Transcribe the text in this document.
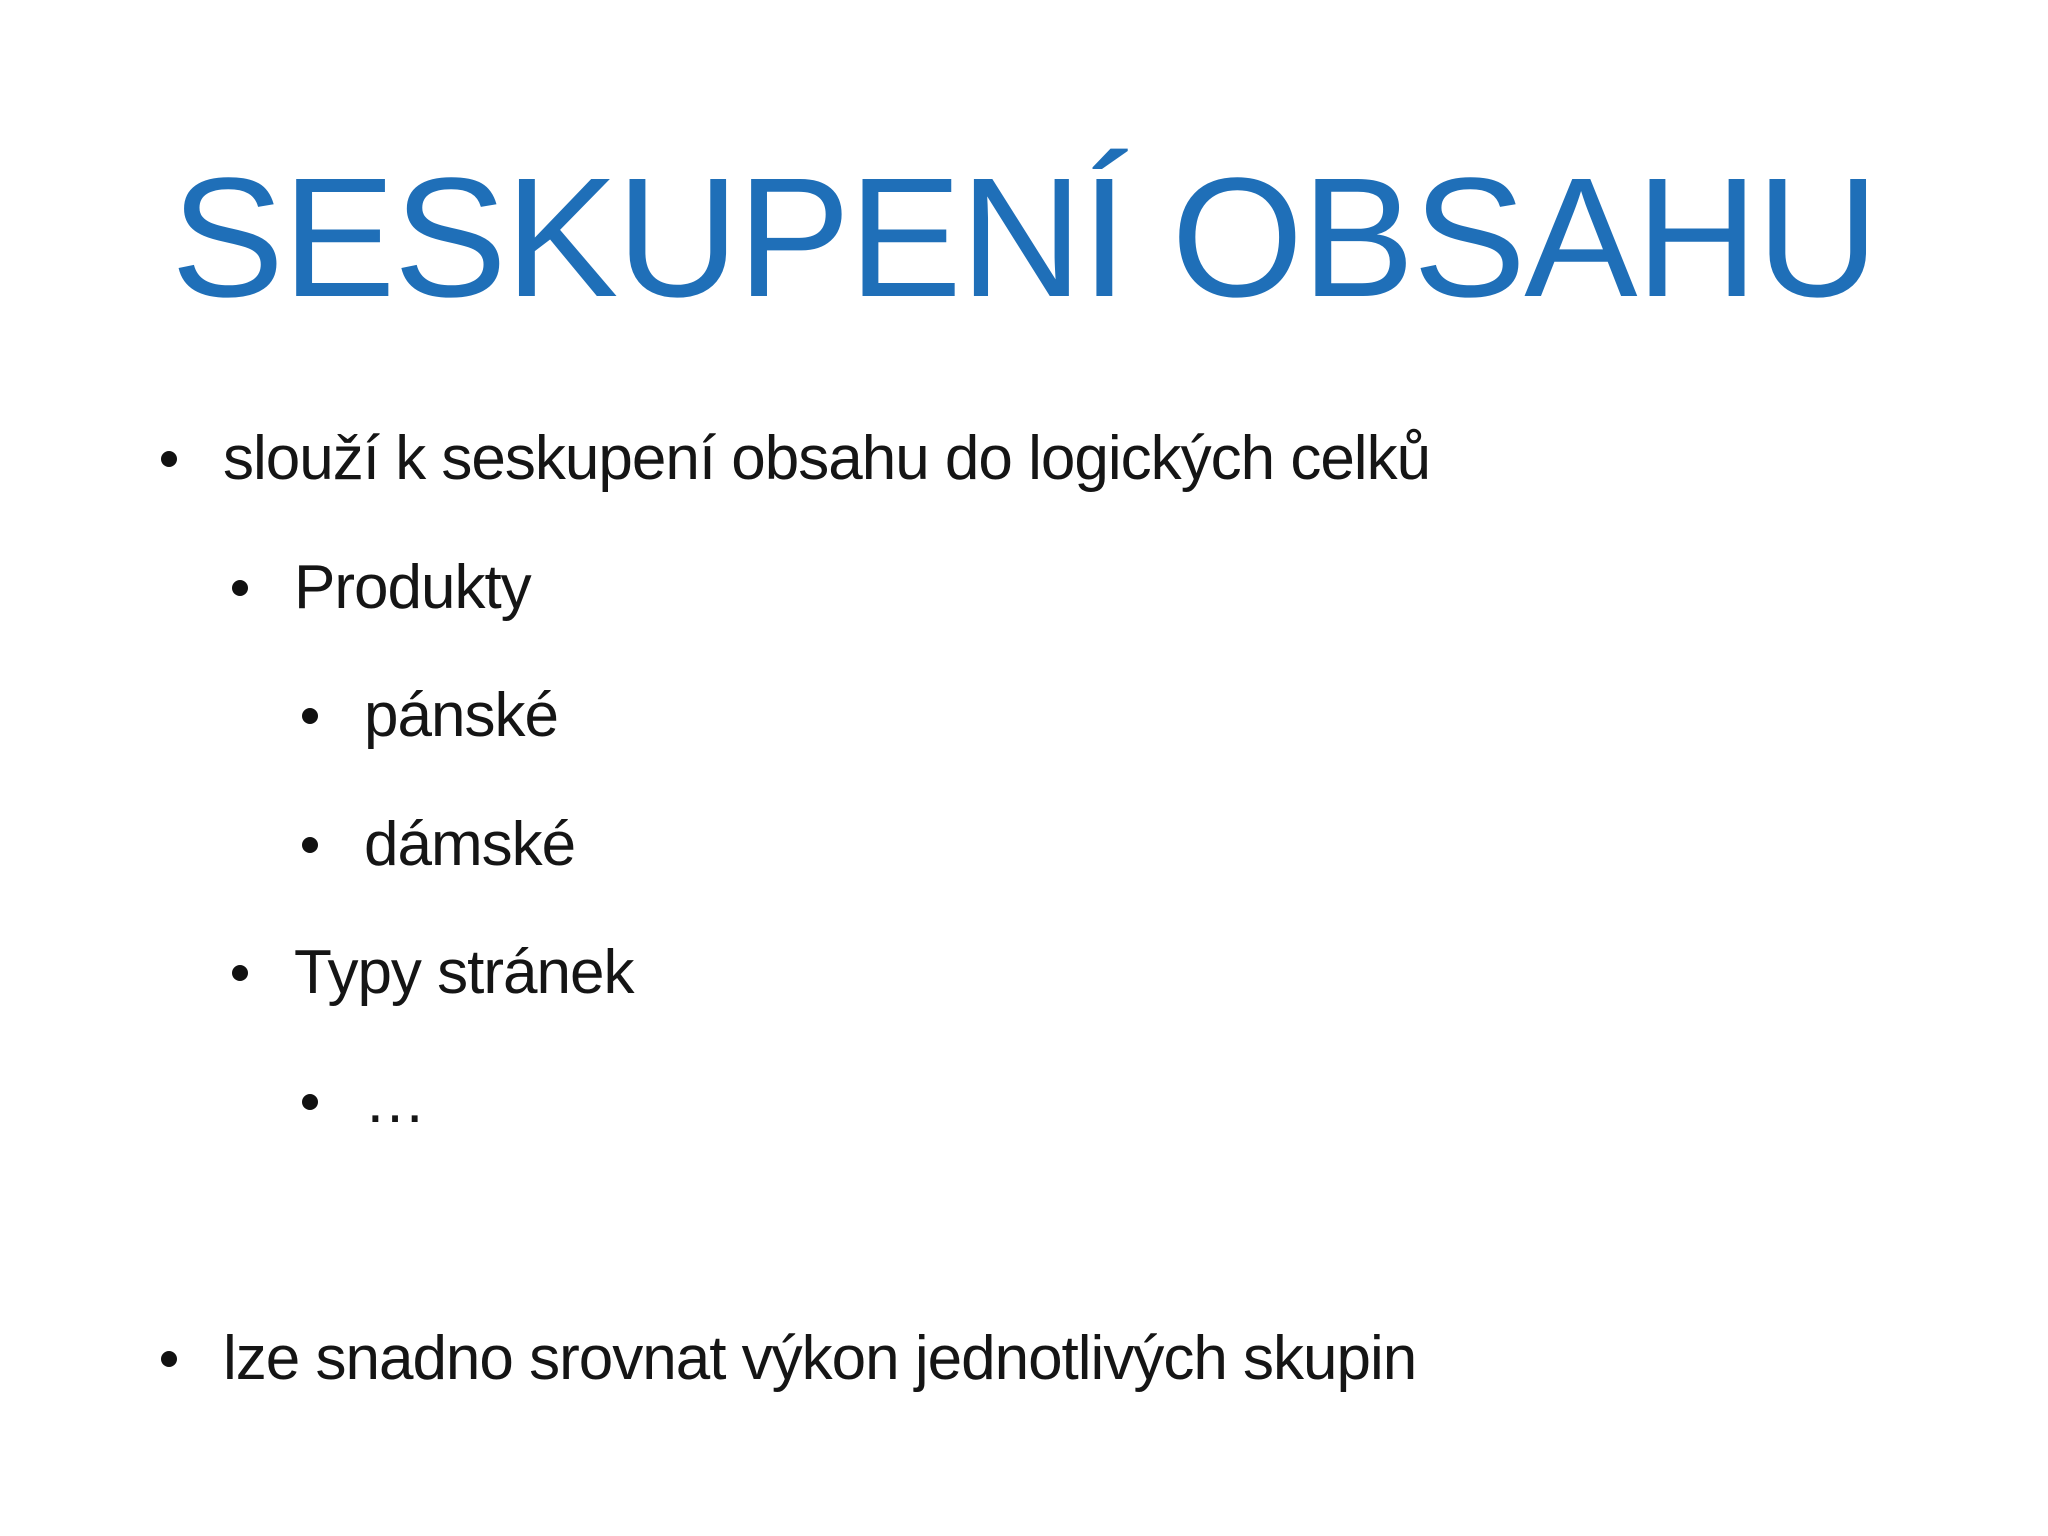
SESKUPENÍ OBSAHU
slouží k seskupení obsahu do logických celků
Produkty
pánské
dámské
Typy stránek
…
lze snadno srovnat výkon jednotlivých skupin
